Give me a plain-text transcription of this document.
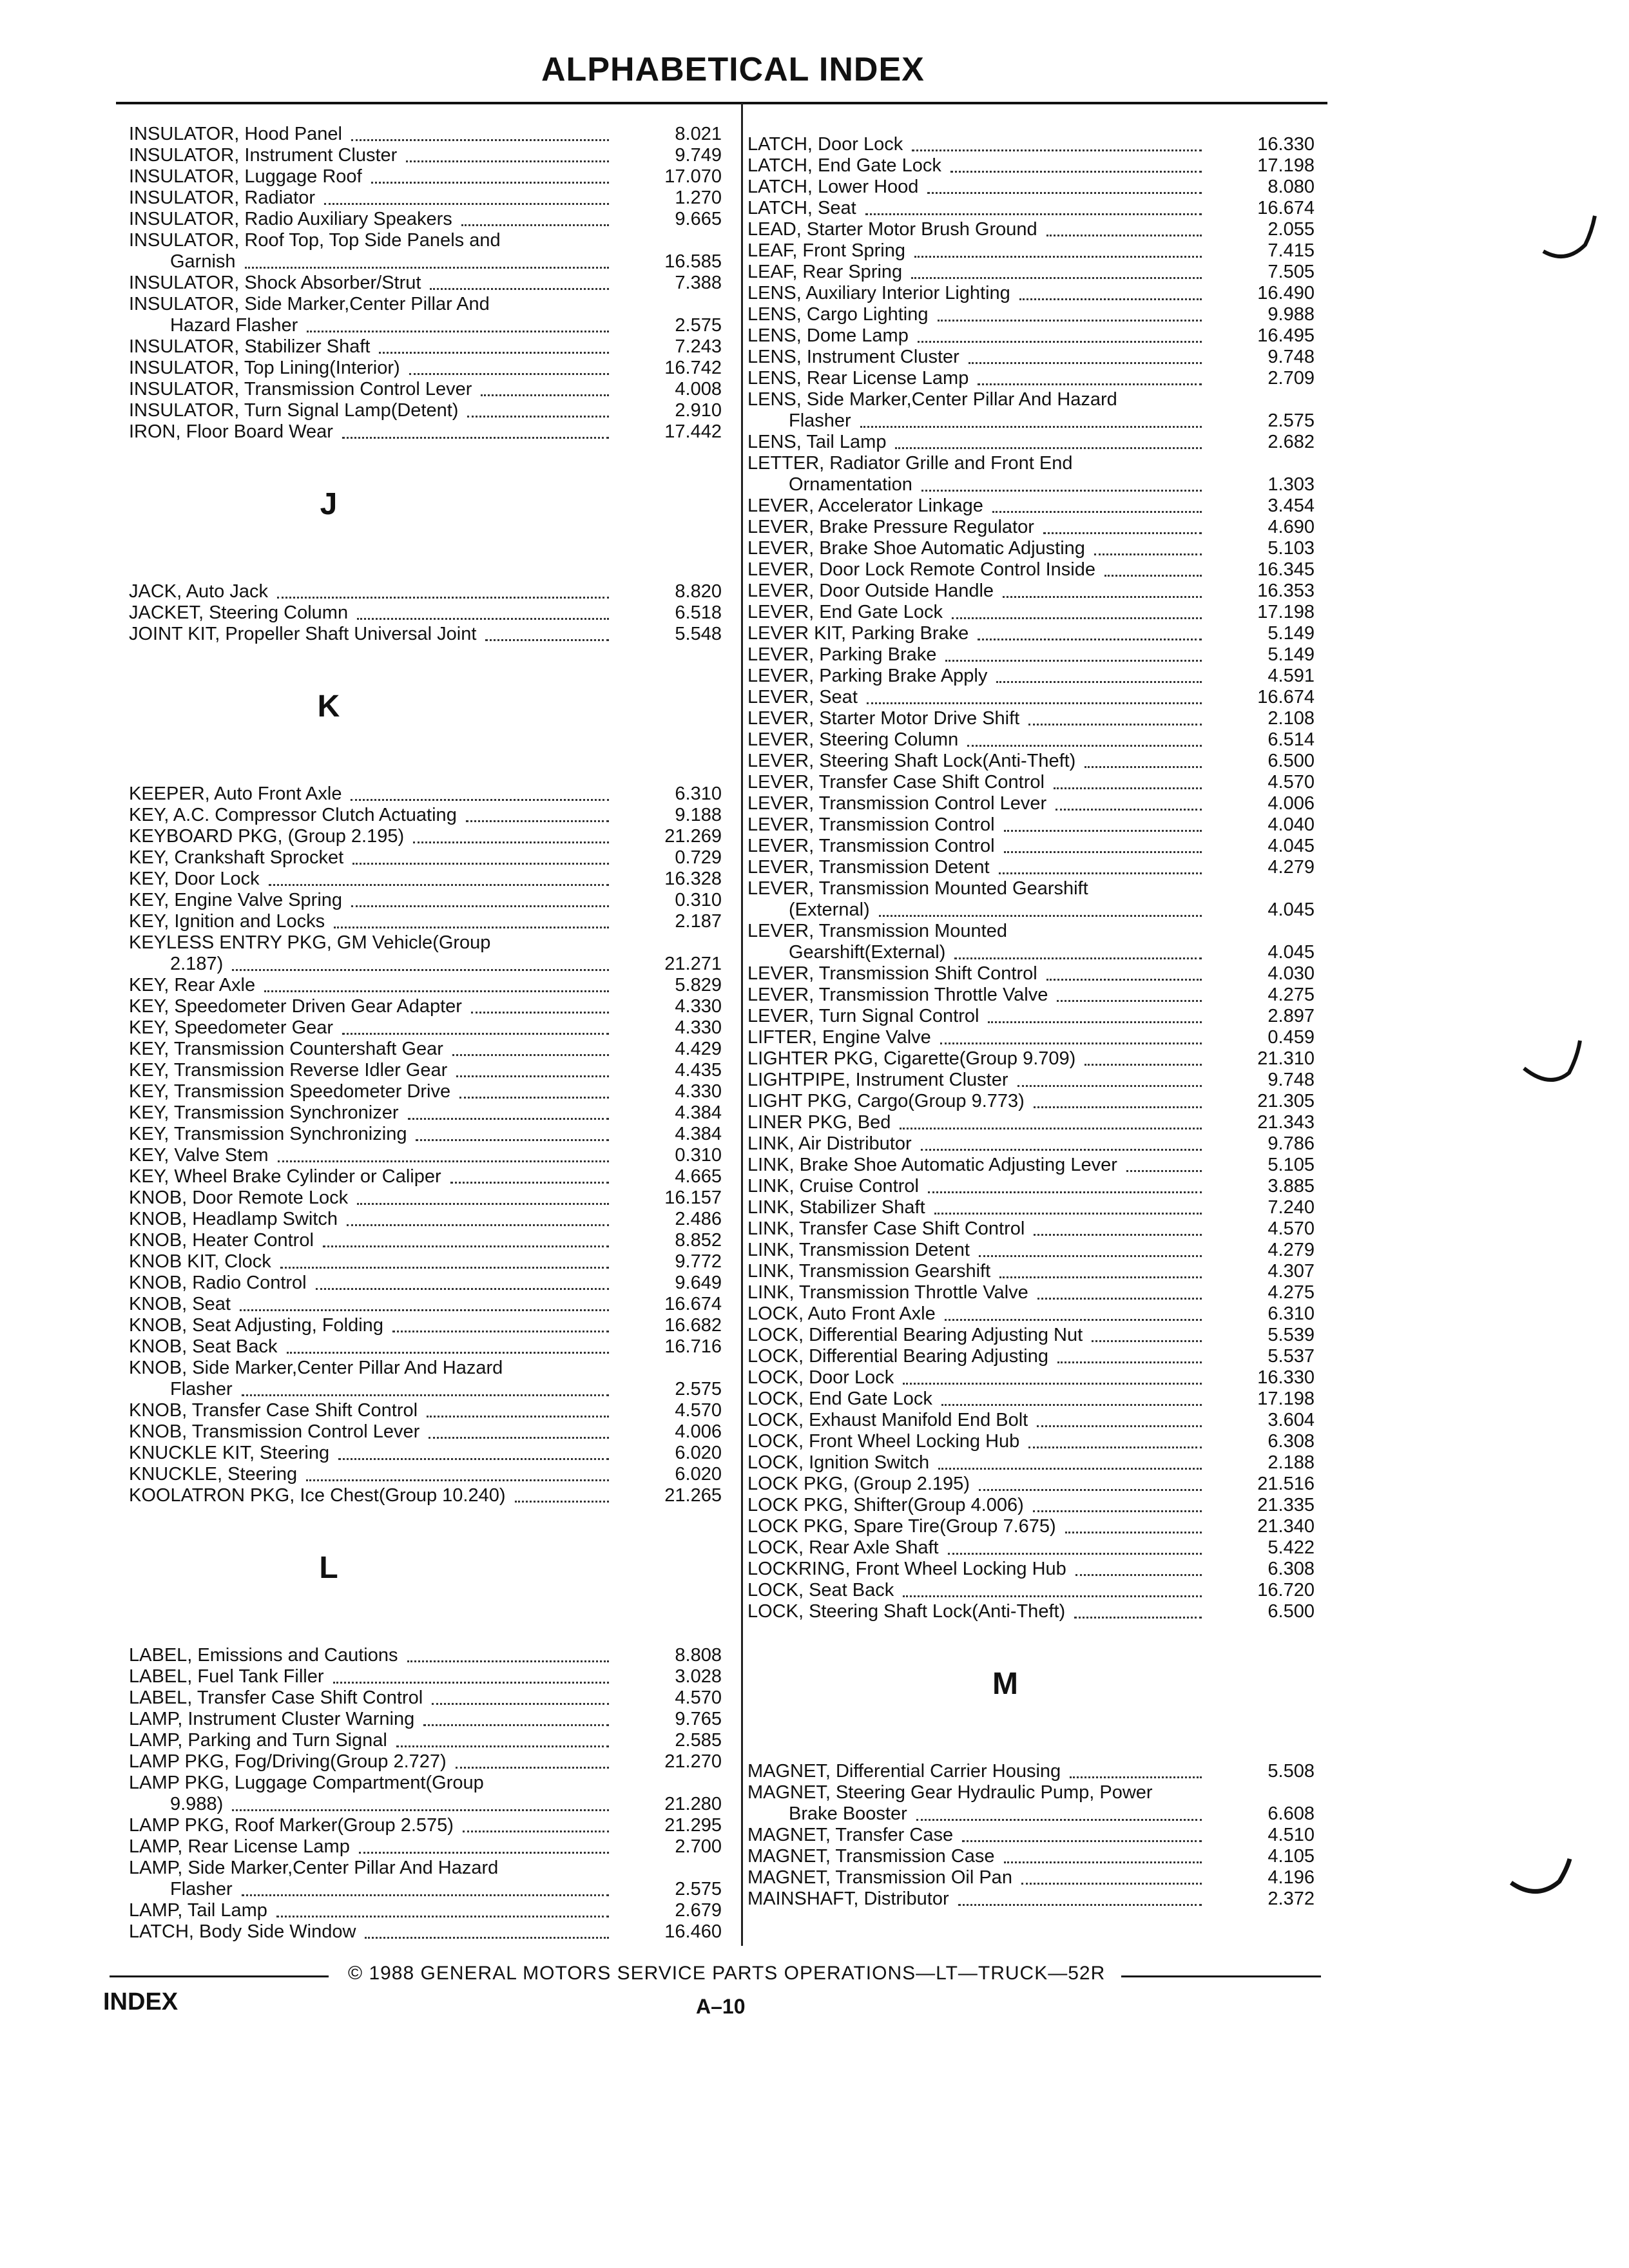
ALPHABETICAL INDEX
INSULATOR, Hood Panel	8.021
INSULATOR, Instrument Cluster	9.749
INSULATOR, Luggage Roof	17.070
INSULATOR, Radiator	1.270
INSULATOR, Radio Auxiliary Speakers	9.665
INSULATOR, Roof Top, Top Side Panels and
Garnish	16.585
INSULATOR, Shock Absorber/Strut	7.388
INSULATOR, Side Marker,Center Pillar And
Hazard Flasher	2.575
INSULATOR, Stabilizer Shaft	7.243
INSULATOR, Top Lining(Interior)	16.742
INSULATOR, Transmission Control Lever	4.008
INSULATOR, Turn Signal Lamp(Detent)	2.910
IRON, Floor Board Wear	17.442
J
JACK, Auto Jack	8.820
JACKET, Steering Column	6.518
JOINT KIT, Propeller Shaft Universal Joint	5.548
K
KEEPER, Auto Front Axle	6.310
KEY, A.C. Compressor Clutch Actuating	9.188
KEYBOARD PKG, (Group 2.195)	21.269
KEY, Crankshaft Sprocket	0.729
KEY, Door Lock	16.328
KEY, Engine Valve Spring	0.310
KEY, Ignition and Locks	2.187
KEYLESS ENTRY PKG, GM Vehicle(Group
2.187)	21.271
KEY, Rear Axle	5.829
KEY, Speedometer Driven Gear Adapter	4.330
KEY, Speedometer Gear	4.330
KEY, Transmission Countershaft Gear	4.429
KEY, Transmission Reverse Idler Gear	4.435
KEY, Transmission Speedometer Drive	4.330
KEY, Transmission Synchronizer	4.384
KEY, Transmission Synchronizing	4.384
KEY, Valve Stem	0.310
KEY, Wheel Brake Cylinder or Caliper	4.665
KNOB, Door Remote Lock	16.157
KNOB, Headlamp Switch	2.486
KNOB, Heater Control	8.852
KNOB KIT, Clock	9.772
KNOB, Radio Control	9.649
KNOB, Seat	16.674
KNOB, Seat Adjusting, Folding	16.682
KNOB, Seat Back	16.716
KNOB, Side Marker,Center Pillar And Hazard
Flasher	2.575
KNOB, Transfer Case Shift Control	4.570
KNOB, Transmission Control Lever	4.006
KNUCKLE KIT, Steering	6.020
KNUCKLE, Steering	6.020
KOOLATRON PKG, Ice Chest(Group 10.240)	21.265
L
LABEL, Emissions and Cautions	8.808
LABEL, Fuel Tank Filler	3.028
LABEL, Transfer Case Shift Control	4.570
LAMP, Instrument Cluster Warning	9.765
LAMP, Parking and Turn Signal	2.585
LAMP PKG, Fog/Driving(Group 2.727)	21.270
LAMP PKG, Luggage Compartment(Group
9.988)	21.280
LAMP PKG, Roof Marker(Group 2.575)	21.295
LAMP, Rear License Lamp	2.700
LAMP, Side Marker,Center Pillar And Hazard
Flasher	2.575
LAMP, Tail Lamp	2.679
LATCH, Body Side Window	16.460
LATCH, Door Lock	16.330
LATCH, End Gate Lock	17.198
LATCH, Lower Hood	8.080
LATCH, Seat	16.674
LEAD, Starter Motor Brush Ground	2.055
LEAF, Front Spring	7.415
LEAF, Rear Spring	7.505
LENS, Auxiliary Interior Lighting	16.490
LENS, Cargo Lighting	9.988
LENS, Dome Lamp	16.495
LENS, Instrument Cluster	9.748
LENS, Rear License Lamp	2.709
LENS, Side Marker,Center Pillar And Hazard
Flasher	2.575
LENS, Tail Lamp	2.682
LETTER, Radiator Grille and Front End
Ornamentation	1.303
LEVER, Accelerator Linkage	3.454
LEVER, Brake Pressure Regulator	4.690
LEVER, Brake Shoe Automatic Adjusting	5.103
LEVER, Door Lock Remote Control Inside	16.345
LEVER, Door Outside Handle	16.353
LEVER, End Gate Lock	17.198
LEVER KIT, Parking Brake	5.149
LEVER, Parking Brake	5.149
LEVER, Parking Brake Apply	4.591
LEVER, Seat	16.674
LEVER, Starter Motor Drive Shift	2.108
LEVER, Steering Column	6.514
LEVER, Steering Shaft Lock(Anti-Theft)	6.500
LEVER, Transfer Case Shift Control	4.570
LEVER, Transmission Control Lever	4.006
LEVER, Transmission Control	4.040
LEVER, Transmission Control	4.045
LEVER, Transmission Detent	4.279
LEVER, Transmission Mounted Gearshift
(External)	4.045
LEVER, Transmission Mounted
Gearshift(External)	4.045
LEVER, Transmission Shift Control	4.030
LEVER, Transmission Throttle Valve	4.275
LEVER, Turn Signal Control	2.897
LIFTER, Engine Valve	0.459
LIGHTER PKG, Cigarette(Group 9.709)	21.310
LIGHTPIPE, Instrument Cluster	9.748
LIGHT PKG, Cargo(Group 9.773)	21.305
LINER PKG, Bed	21.343
LINK, Air Distributor	9.786
LINK, Brake Shoe Automatic Adjusting Lever	5.105
LINK, Cruise Control	3.885
LINK, Stabilizer Shaft	7.240
LINK, Transfer Case Shift Control	4.570
LINK, Transmission Detent	4.279
LINK, Transmission Gearshift	4.307
LINK, Transmission Throttle Valve	4.275
LOCK, Auto Front Axle	6.310
LOCK, Differential Bearing Adjusting Nut	5.539
LOCK, Differential Bearing Adjusting	5.537
LOCK, Door Lock	16.330
LOCK, End Gate Lock	17.198
LOCK, Exhaust Manifold End Bolt	3.604
LOCK, Front Wheel Locking Hub	6.308
LOCK, Ignition Switch	2.188
LOCK PKG, (Group 2.195)	21.516
LOCK PKG, Shifter(Group 4.006)	21.335
LOCK PKG, Spare Tire(Group 7.675)	21.340
LOCK, Rear Axle Shaft	5.422
LOCKRING, Front Wheel Locking Hub	6.308
LOCK, Seat Back	16.720
LOCK, Steering Shaft Lock(Anti-Theft)	6.500
M
MAGNET, Differential Carrier Housing	5.508
MAGNET, Steering Gear Hydraulic Pump, Power
Brake Booster	6.608
MAGNET, Transfer Case	4.510
MAGNET, Transmission Case	4.105
MAGNET, Transmission Oil Pan	4.196
MAINSHAFT, Distributor	2.372
© 1988 GENERAL MOTORS SERVICE PARTS OPERATIONS—LT—TRUCK—52R
INDEX	A–10
